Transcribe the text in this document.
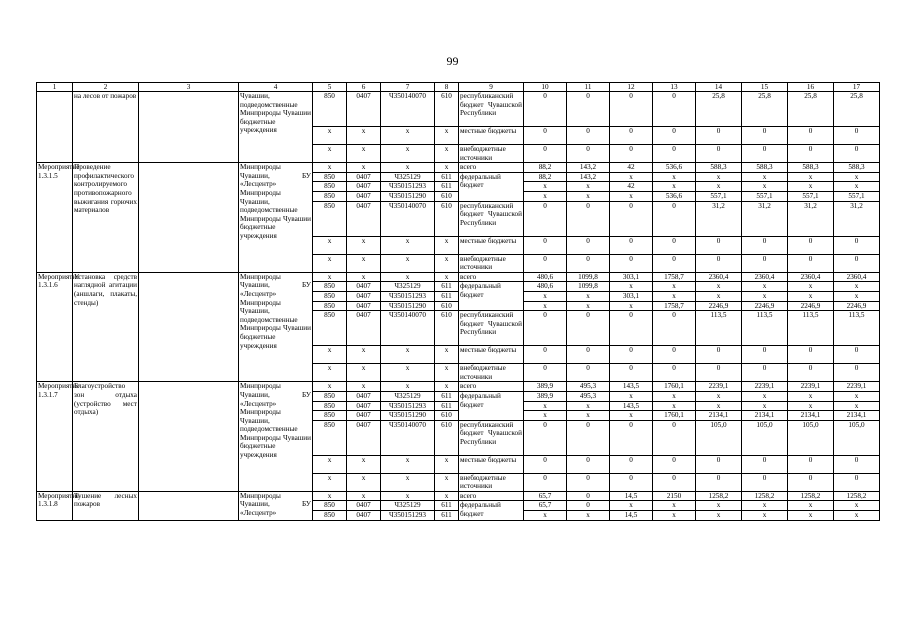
99
1	2	3	4	5	6	7	8	9	10	11	12	13	14	15	16	17
	на лесов от пожаров		Чувашии, подведомственные Минприроды Чувашии бюджетные учреждения	850	0407	Ч350140070	610	республиканский бюджет Чувашской Республики	0	0	0	0	25,8	25,8	25,8	25,8
				x	x	x	x	местные бюджеты	0	0	0	0	0	0	0	0
				x	x	x	x	внебюджетные источники	0	0	0	0	0	0	0	0
Мероприятие 1.3.1.5	Проведение профилактического контролируемого противопожарного выжигания горючих материалов		Минприроды Чувашии, БУ «Лесцентр» Минприроды Чувашии, подведомственные Минприроды Чувашии бюджетные учреждения	x	x	x	x	всего	88,2	143,2	42	536,6	588,3	588,3	588,3	588,3
				850	0407	Ч325129	611	федеральный бюджет	88,2	143,2	x	x	x	x	x	x
				850	0407	Ч350151293	611		x	x	42	x	x	x	x	x
				850	0407	Ч350151290	610		x	x	x	536,6	557,1	557,1	557,1	557,1
				850	0407	Ч350140070	610	республиканский бюджет Чувашской Республики	0	0	0	0	31,2	31,2	31,2	31,2
				x	x	x	x	местные бюджеты	0	0	0	0	0	0	0	0
				x	x	x	x	внебюджетные источники	0	0	0	0	0	0	0	0
Мероприятие 1.3.1.6	Установка средств наглядной агитации (аншлаги, плакаты, стенды)		Минприроды Чувашии, БУ «Лесцентр» Минприроды Чувашии, подведомственные Минприроды Чувашии бюджетные учреждения	x	x	x	x	всего	480,6	1099,8	303,1	1758,7	2360,4	2360,4	2360,4	2360,4
				850	0407	Ч325129	611	федеральный бюджет	480,6	1099,8	x	x	x	x	x	x
				850	0407	Ч350151293	611		x	x	303,1	x	x	x	x	x
				850	0407	Ч350151290	610		x	x	x	1758,7	2246,9	2246,9	2246,9	2246,9
				850	0407	Ч350140070	610	республиканский бюджет Чувашской Республики	0	0	0	0	113,5	113,5	113,5	113,5
				x	x	x	x	местные бюджеты	0	0	0	0	0	0	0	0
				x	x	x	x	внебюджетные источники	0	0	0	0	0	0	0	0
Мероприятие 1.3.1.7	Благоустройство зон отдыха (устройство мест отдыха)		Минприроды Чувашии, БУ «Лесцентр» Минприроды Чувашии, подведомственные Минприроды Чувашии бюджетные учреждения	x	x	x	x	всего	389,9	495,3	143,5	1760,1	2239,1	2239,1	2239,1	2239,1
				850	0407	Ч325129	611	федеральный бюджет	389,9	495,3	x	x	x	x	x	x
				850	0407	Ч350151293	611		x	x	143,5	x	x	x	x	x
				850	0407	Ч350151290	610		x	x	x	1760,1	2134,1	2134,1	2134,1	2134,1
				850	0407	Ч350140070	610	республиканский бюджет Чувашской Республики	0	0	0	0	105,0	105,0	105,0	105,0
				x	x	x	x	местные бюджеты	0	0	0	0	0	0	0	0
				x	x	x	x	внебюджетные источники	0	0	0	0	0	0	0	0
Мероприятие 1.3.1.8	Тушение лесных пожаров		Минприроды Чувашии, БУ «Лесцентр»	x	x	x	x	всего	65,7	0	14,5	2150	1258,2	1258,2	1258,2	1258,2
				850	0407	Ч325129	611	федеральный бюджет	65,7	0	x	x	x	x	x	x
				850	0407	Ч350151293	611		x	x	14,5	x	x	x	x	x
